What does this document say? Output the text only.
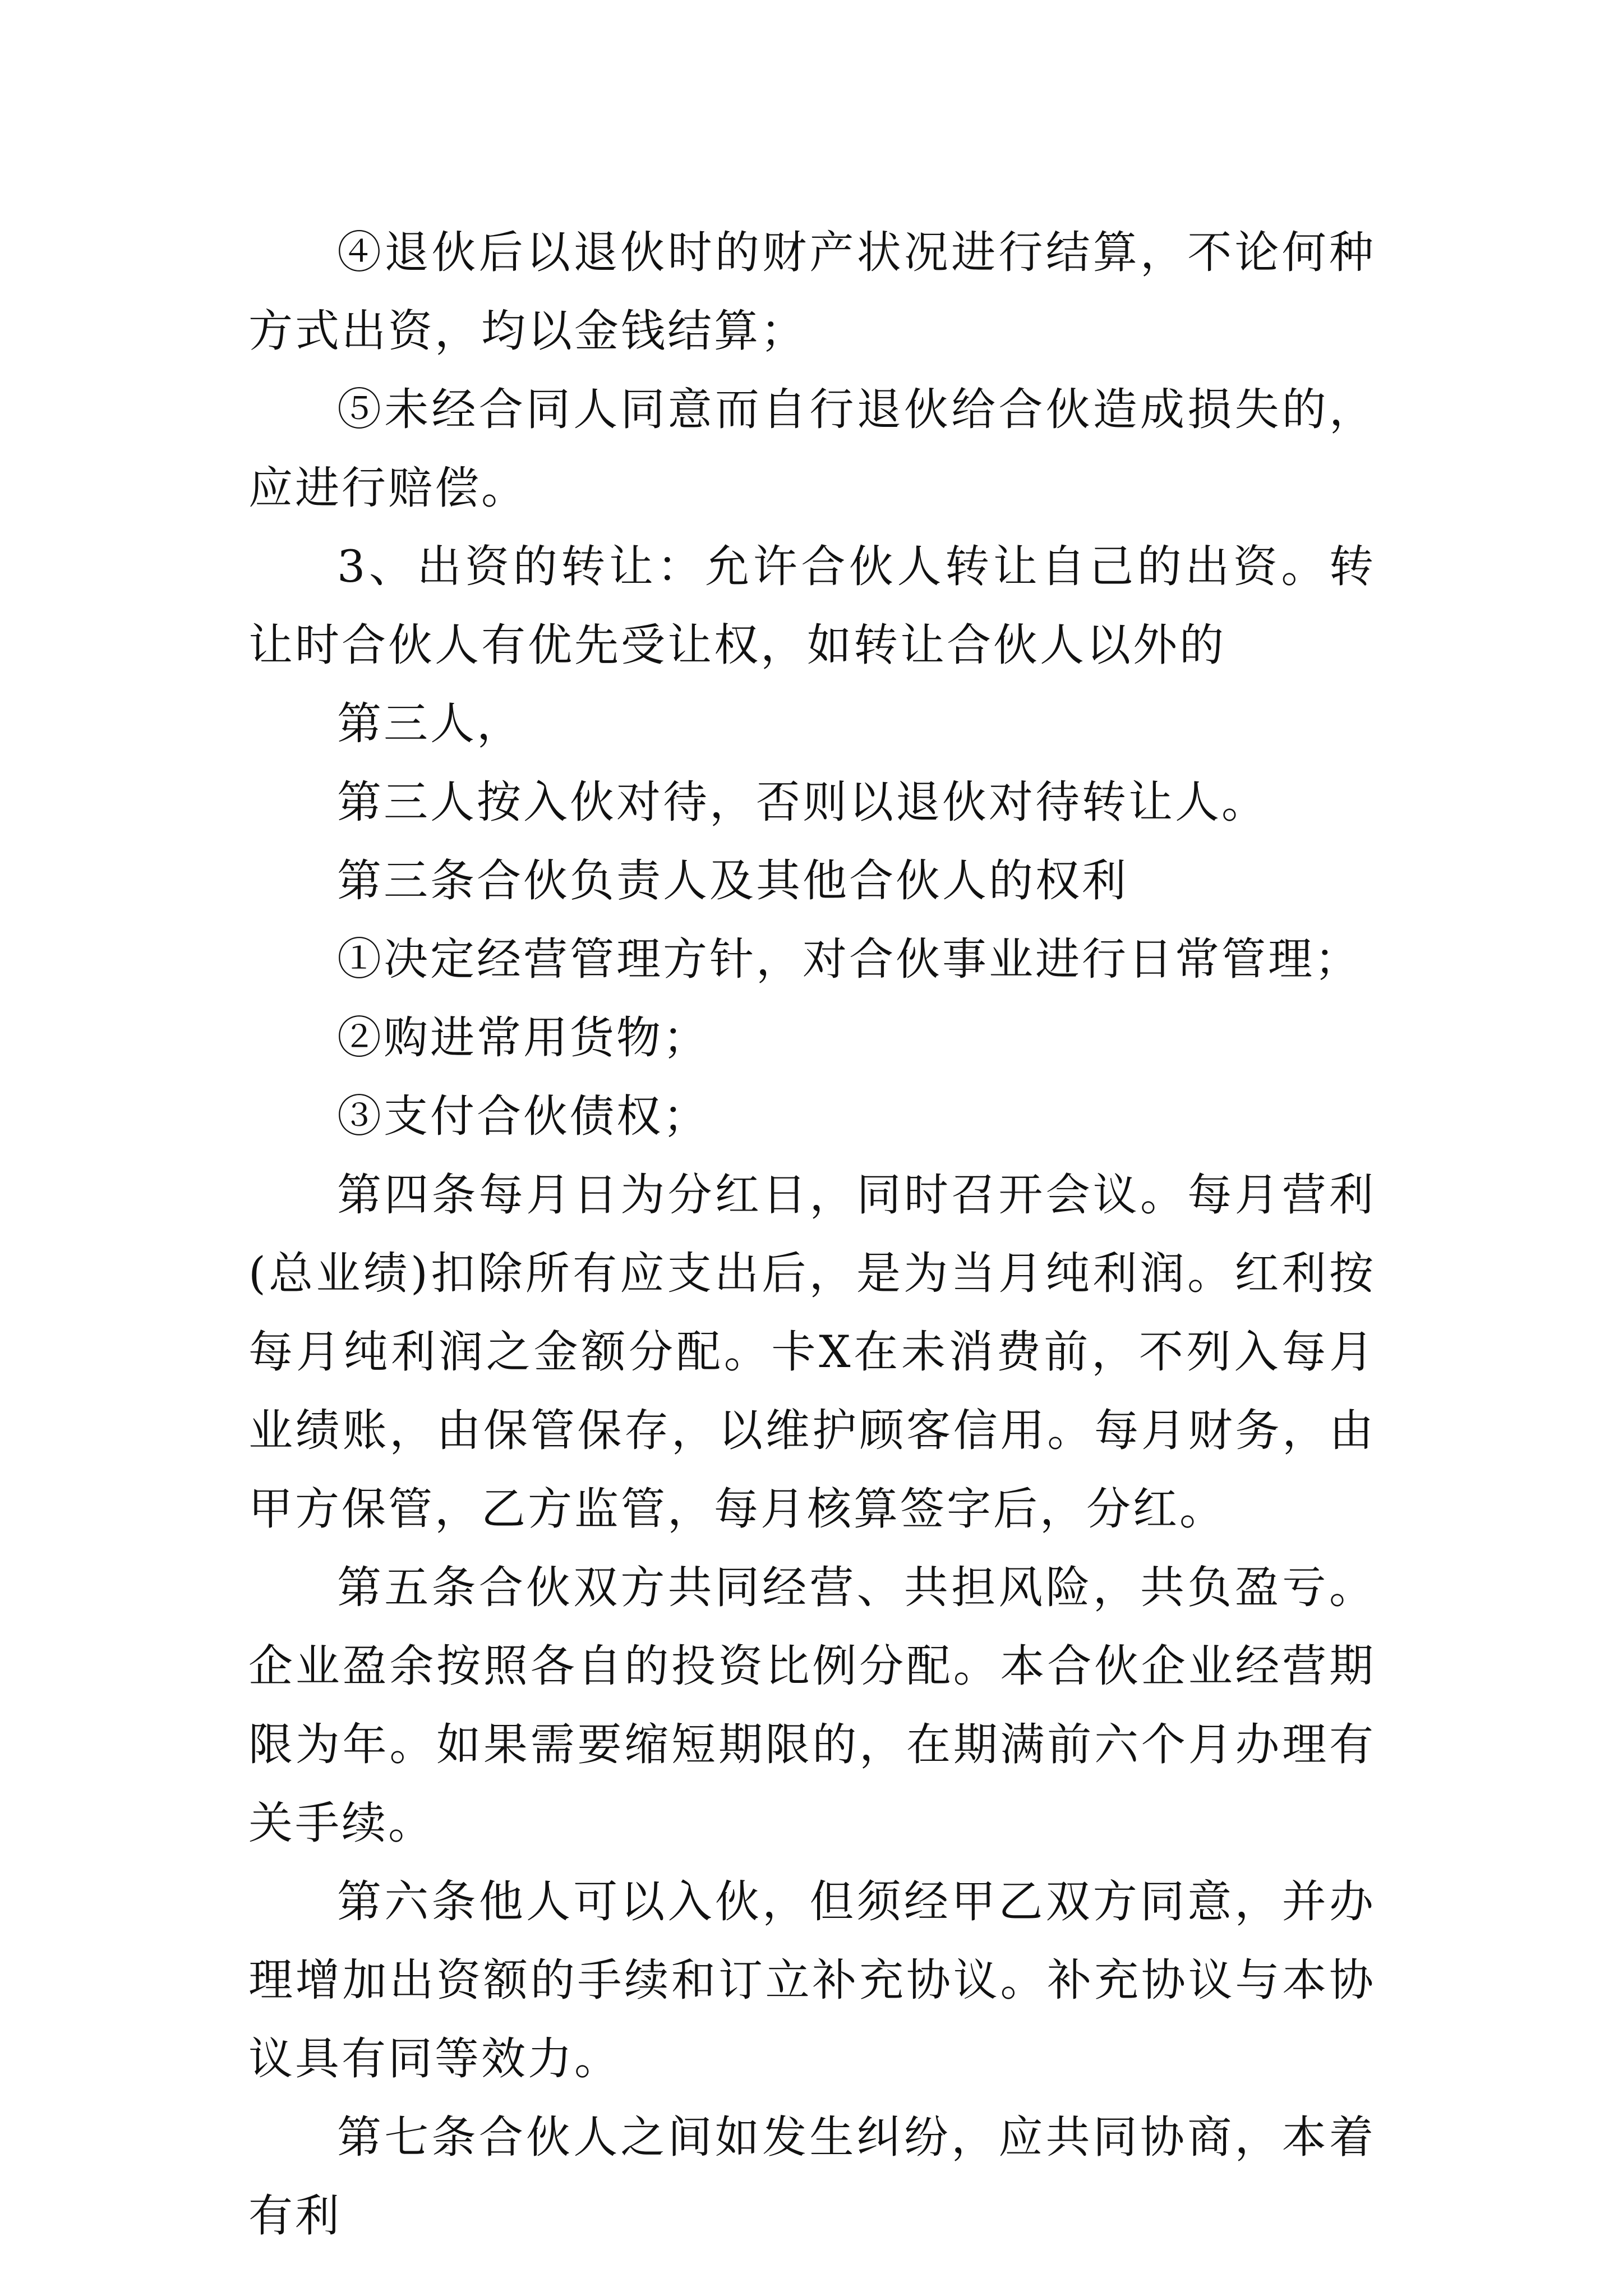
④退伙后以退伙时的财产状况进行结算，不论何种方式出资，均以金钱结算；

⑤未经合同人同意而自行退伙给合伙造成损失的，应进行赔偿。

3、出资的转让：允许合伙人转让自己的出资。转让时合伙人有优先受让权，如转让合伙人以外的

第三人，

第三人按入伙对待，否则以退伙对待转让人。

第三条合伙负责人及其他合伙人的权利

①决定经营管理方针，对合伙事业进行日常管理；

②购进常用货物；

③支付合伙债权；

第四条每月日为分红日，同时召开会议。每月营利(总业绩)扣除所有应支出后，是为当月纯利润。红利按每月纯利润之金额分配。卡X在未消费前，不列入每月业绩账，由保管保存，以维护顾客信用。每月财务，由甲方保管，乙方监管，每月核算签字后，分红。

第五条合伙双方共同经营、共担风险，共负盈亏。企业盈余按照各自的投资比例分配。本合伙企业经营期限为年。如果需要缩短期限的，在期满前六个月办理有关手续。

第六条他人可以入伙，但须经甲乙双方同意，并办理增加出资额的手续和订立补充协议。补充协议与本协议具有同等效力。

第七条合伙人之间如发生纠纷，应共同协商，本着有利
